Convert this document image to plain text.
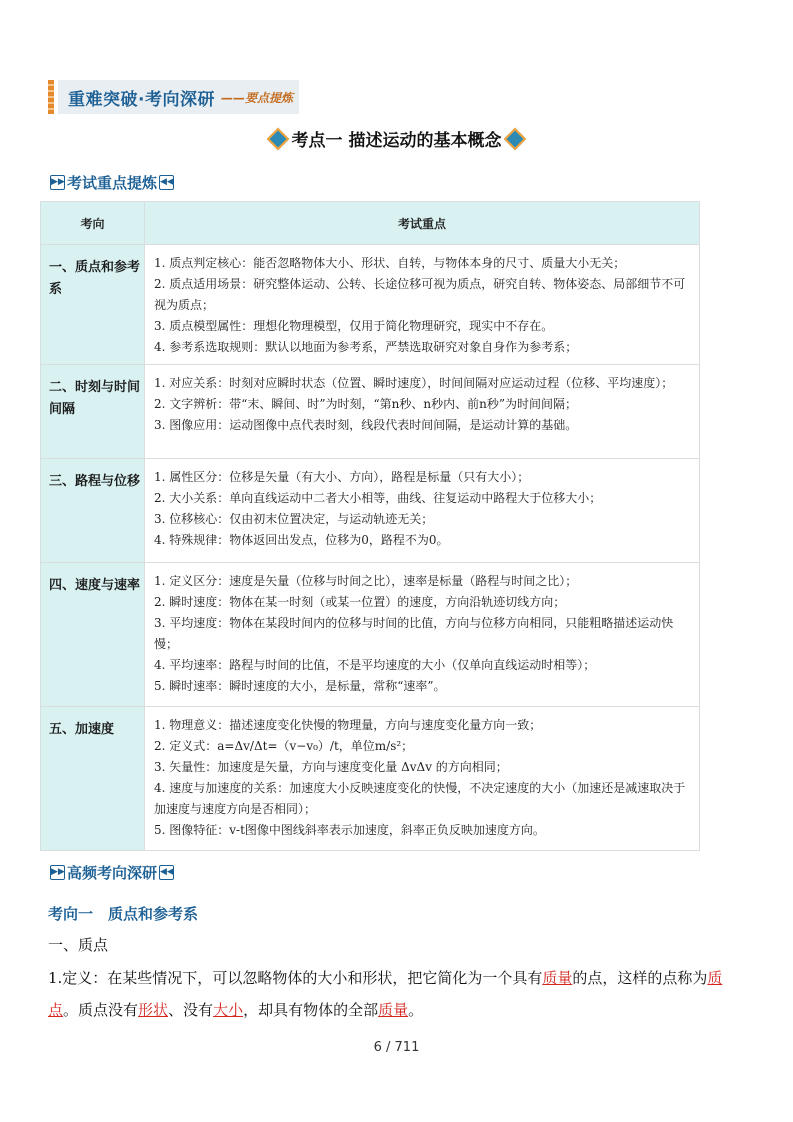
重难突破·考向深研 ——要点提炼
考点一 描述运动的基本概念
▶▶ 考试重点提炼 ◀◀
考向	考试重点
一、质点和参考系	1. 质点判定核心：能否忽略物体大小、形状、自转，与物体本身的尺寸、质量大小无关；
2. 质点适用场景：研究整体运动、公转、长途位移可视为质点，研究自转、物体姿态、局部细节不可视为质点；
3. 质点模型属性：理想化物理模型，仅用于简化物理研究，现实中不存在。
4. 参考系选取规则：默认以地面为参考系，严禁选取研究对象自身作为参考系；

二、时刻与时间间隔	1. 对应关系：时刻对应瞬时状态（位置、瞬时速度），时间间隔对应运动过程（位移、平均速度）；
2. 文字辨析：带“末、瞬间、时”为时刻，“第n秒、n秒内、前n秒”为时间间隔；
3. 图像应用：运动图像中点代表时刻，线段代表时间间隔，是运动计算的基础。

三、路程与位移	1. 属性区分：位移是矢量（有大小、方向），路程是标量（只有大小）；
2. 大小关系：单向直线运动中二者大小相等，曲线、往复运动中路程大于位移大小；
3. 位移核心：仅由初末位置决定，与运动轨迹无关；
4. 特殊规律：物体返回出发点，位移为0，路程不为0。

四、速度与速率	1. 定义区分：速度是矢量（位移与时间之比），速率是标量（路程与时间之比）；
2. 瞬时速度：物体在某一时刻（或某一位置）的速度，方向沿轨迹切线方向；
3. 平均速度：物体在某段时间内的位移与时间的比值，方向与位移方向相同，只能粗略描述运动快慢；
4. 平均速率：路程与时间的比值，不是平均速度的大小（仅单向直线运动时相等）；
5. 瞬时速率：瞬时速度的大小，是标量，常称“速率”。

五、加速度	1. 物理意义：描述速度变化快慢的物理量，方向与速度变化量方向一致；
2. 定义式：a=Δv/Δt=（v−v₀）/t，单位m/s²；
3. 矢量性：加速度是矢量，方向与速度变化量 ΔvΔv 的方向相同；
4. 速度与加速度的关系：加速度大小反映速度变化的快慢，不决定速度的大小（加速还是减速取决于加速度与速度方向是否相同）；
5. 图像特征：v-t图像中图线斜率表示加速度，斜率正负反映加速度方向。
▶▶ 高频考向深研 ◀◀
考向一　质点和参考系
一、质点
1.定义：在某些情况下，可以忽略物体的大小和形状，把它简化为一个具有质量的点，这样的点称为质点。质点没有形状、没有大小，却具有物体的全部质量。
6 / 711
